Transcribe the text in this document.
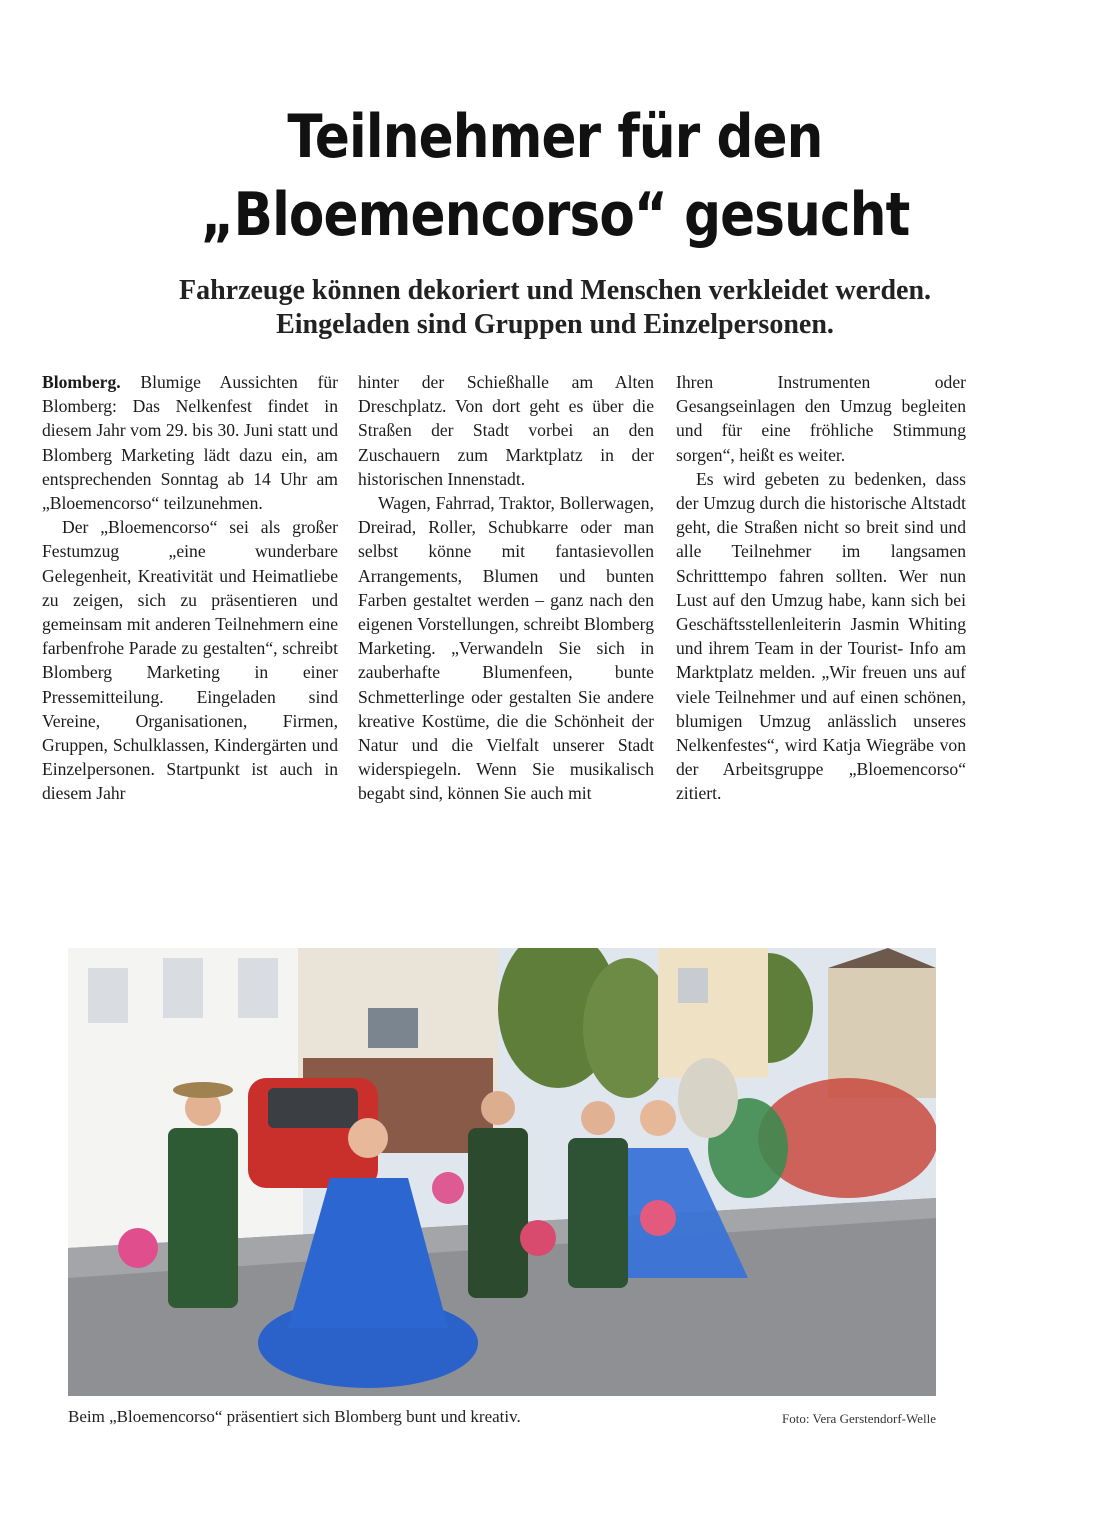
Teilnehmer für den
„Bloemencorso“ gesucht
Fahrzeuge können dekoriert und Menschen verkleidet werden.
Eingeladen sind Gruppen und Einzelpersonen.

Blomberg. Blumige Aussichten für Blomberg: Das Nelkenfest findet in diesem Jahr vom 29. bis 30. Juni statt und Blomberg Marketing lädt dazu ein, am entsprechenden Sonntag ab 14 Uhr am „Bloemencorso“ teilzunehmen.

Der „Bloemencorso“ sei als großer Festumzug „eine wunderbare Gelegenheit, Kreativität und Heimatliebe zu zeigen, sich zu präsentieren und gemeinsam mit anderen Teilnehmern eine farbenfrohe Parade zu gestalten“, schreibt Blomberg Marketing in einer Pressemitteilung. Eingeladen sind Vereine, Organisationen, Firmen, Gruppen, Schulklassen, Kindergärten und Einzelpersonen. Startpunkt ist auch in diesem Jahr

hinter der Schießhalle am Alten Dreschplatz. Von dort geht es über die Straßen der Stadt vorbei an den Zuschauern zum Marktplatz in der historischen Innenstadt.

Wagen, Fahrrad, Traktor, Bollerwagen, Dreirad, Roller, Schubkarre oder man selbst könne mit fantasievollen Arrangements, Blumen und bunten Farben gestaltet werden – ganz nach den eigenen Vorstellungen, schreibt Blomberg Marketing. „Verwandeln Sie sich in zauberhafte Blumenfeen, bunte Schmetterlinge oder gestalten Sie andere kreative Kostüme, die die Schönheit der Natur und die Vielfalt unserer Stadt widerspiegeln. Wenn Sie musikalisch begabt sind, können Sie auch mit

Ihren Instrumenten oder Gesangseinlagen den Umzug begleiten und für eine fröhliche Stimmung sorgen“, heißt es weiter.

Es wird gebeten zu bedenken, dass der Umzug durch die historische Altstadt geht, die Straßen nicht so breit sind und alle Teilnehmer im langsamen Schritttempo fahren sollten. Wer nun Lust auf den Umzug habe, kann sich bei Geschäftsstellenleiterin Jasmin Whiting und ihrem Team in der Tourist- Info am Marktplatz melden. „Wir freuen uns auf viele Teilnehmer und auf einen schönen, blumigen Umzug anlässlich unseres Nelkenfestes“, wird Katja Wiegräbe von der Arbeitsgruppe „Bloemencorso“ zitiert.

Beim „Bloemencorso“ präsentiert sich Blomberg bunt und kreativ.	Foto: Vera Gerstendorf-Welle
